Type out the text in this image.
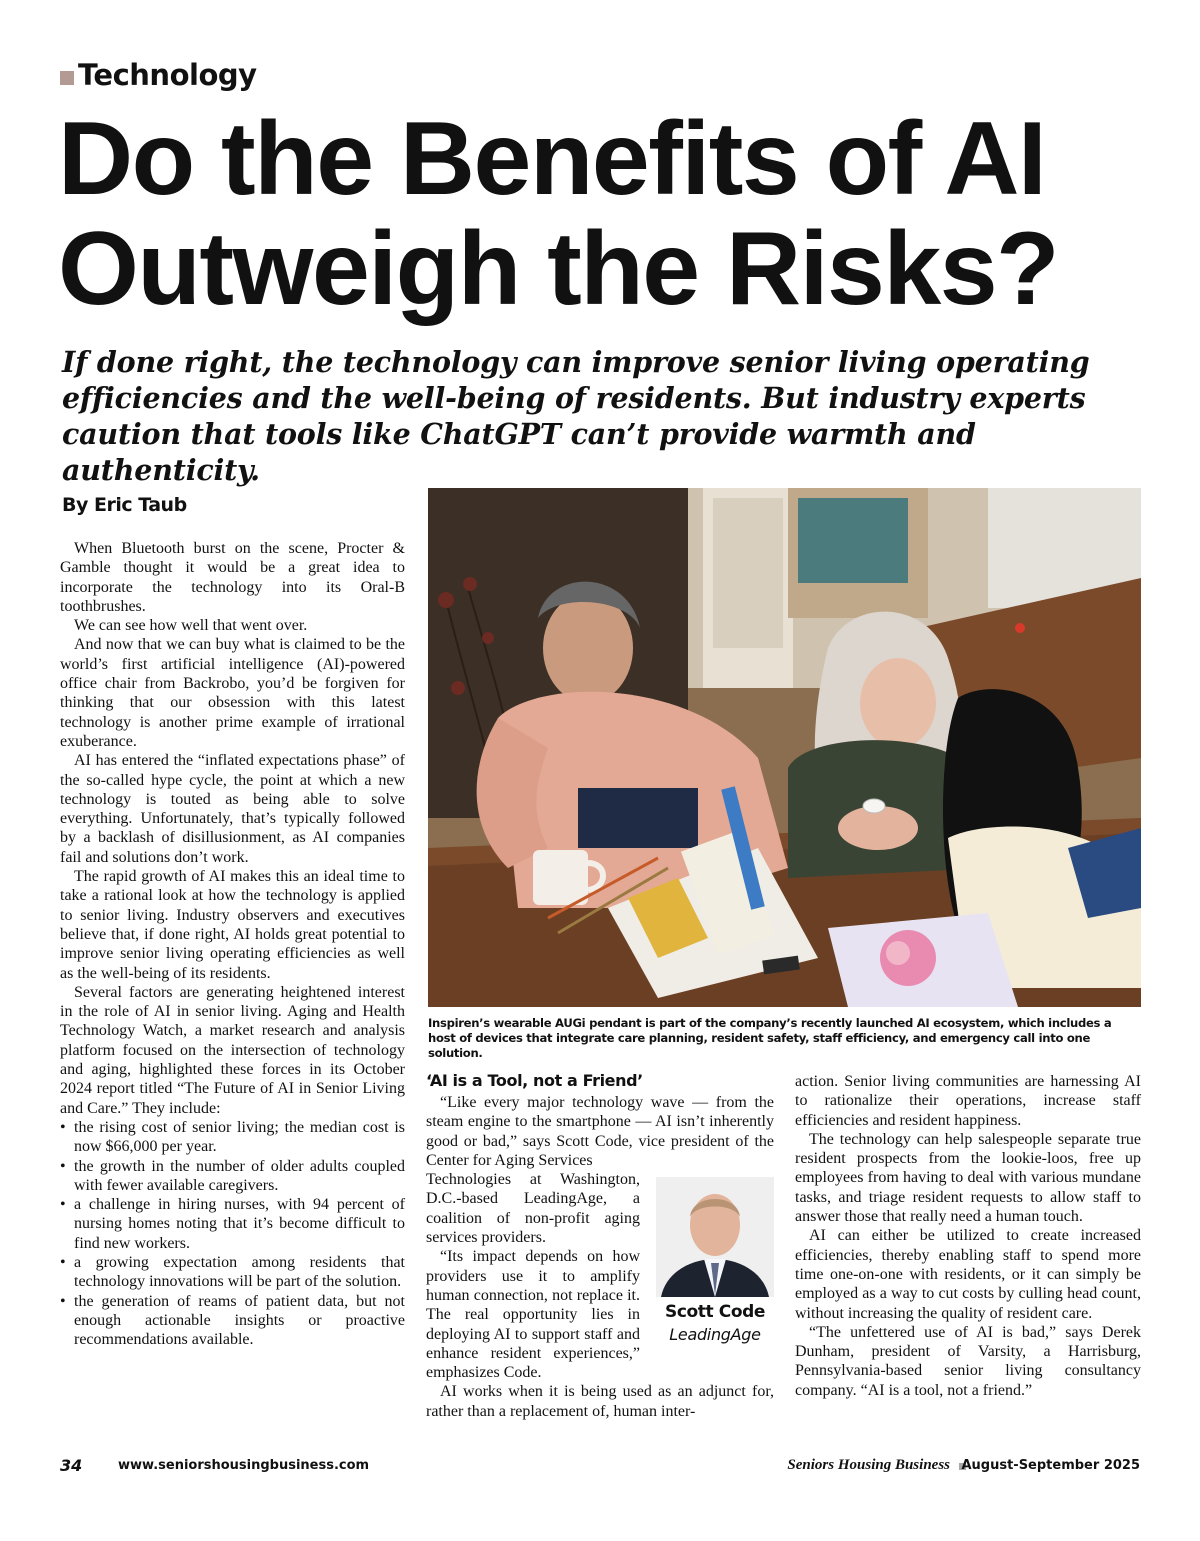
Technology
Do the Benefits of AI
Outweigh the Risks?

If done right, the technology can improve senior living operating efficiencies and the well-being of residents. But industry experts caution that tools like ChatGPT can’t provide warmth and authenticity.

By Eric Taub

When Bluetooth burst on the scene, Procter & Gamble thought it would be a great idea to incorporate the technology into its Oral-B toothbrushes.

We can see how well that went over.

And now that we can buy what is claimed to be the world’s first artificial intelligence (AI)-powered office chair from Backrobo, you’d be forgiven for thinking that our obsession with this latest technology is another prime example of irrational exuberance.

AI has entered the “inflated expectations phase” of the so-called hype cycle, the point at which a new technology is touted as being able to solve everything. Unfortunately, that’s typically followed by a backlash of disillusionment, as AI companies fail and solutions don’t work.

The rapid growth of AI makes this an ideal time to take a rational look at how the technology is applied to senior living. Industry observers and executives believe that, if done right, AI holds great potential to improve senior living operating efficiencies as well as the well-being of its residents.

Several factors are generating heightened interest in the role of AI in senior living. Aging and Health Technology Watch, a market research and analysis platform focused on the intersection of technology and aging, highlighted these forces in its October 2024 report titled “The Future of AI in Senior Living and Care.” They include:

• the rising cost of senior living; the median cost is now $66,000 per year.
• the growth in the number of older adults coupled with fewer available caregivers.
• a challenge in hiring nurses, with 94 percent of nursing homes noting that it’s become difficult to find new workers.
• a growing expectation among residents that technology innovations will be part of the solution.
• the generation of reams of patient data, but not enough actionable insights or proactive recommendations available.

Inspiren’s wearable AUGi pendant is part of the company’s recently launched AI ecosystem, which includes a host of devices that integrate care planning, resident safety, staff efficiency, and emergency call into one solution.

‘AI is a Tool, not a Friend’

“Like every major technology wave — from the steam engine to the smartphone — AI isn’t inherently good or bad,” says Scott Code, vice president of the Center for Aging Services

Technologies at Washington, D.C.-based LeadingAge, a coalition of non-profit aging services providers.

“Its impact depends on how providers use it to amplify human connection, not replace it. The real opportunity lies in deploying AI to support staff and enhance resident experiences,” emphasizes Code.

AI works when it is being used as an adjunct for, rather than a replacement of, human inter-

Scott Code
LeadingAge

action. Senior living communities are harnessing AI to rationalize their operations, increase staff efficiencies and resident happiness.

The technology can help salespeople separate true resident prospects from the lookie-loos, free up employees from having to deal with various mundane tasks, and triage resident requests to allow staff to answer those that really need a human touch.

AI can either be utilized to create increased efficiencies, thereby enabling staff to spend more time one-on-one with residents, or it can simply be employed as a way to cut costs by culling head count, without increasing the quality of resident care.

“The unfettered use of AI is bad,” says Derek Dunham, president of Varsity, a Harrisburg, Pennsylvania-based senior living consultancy company. “AI is a tool, not a friend.”

34	www.seniorshousingbusiness.com	Seniors Housing Business August-September 2025
